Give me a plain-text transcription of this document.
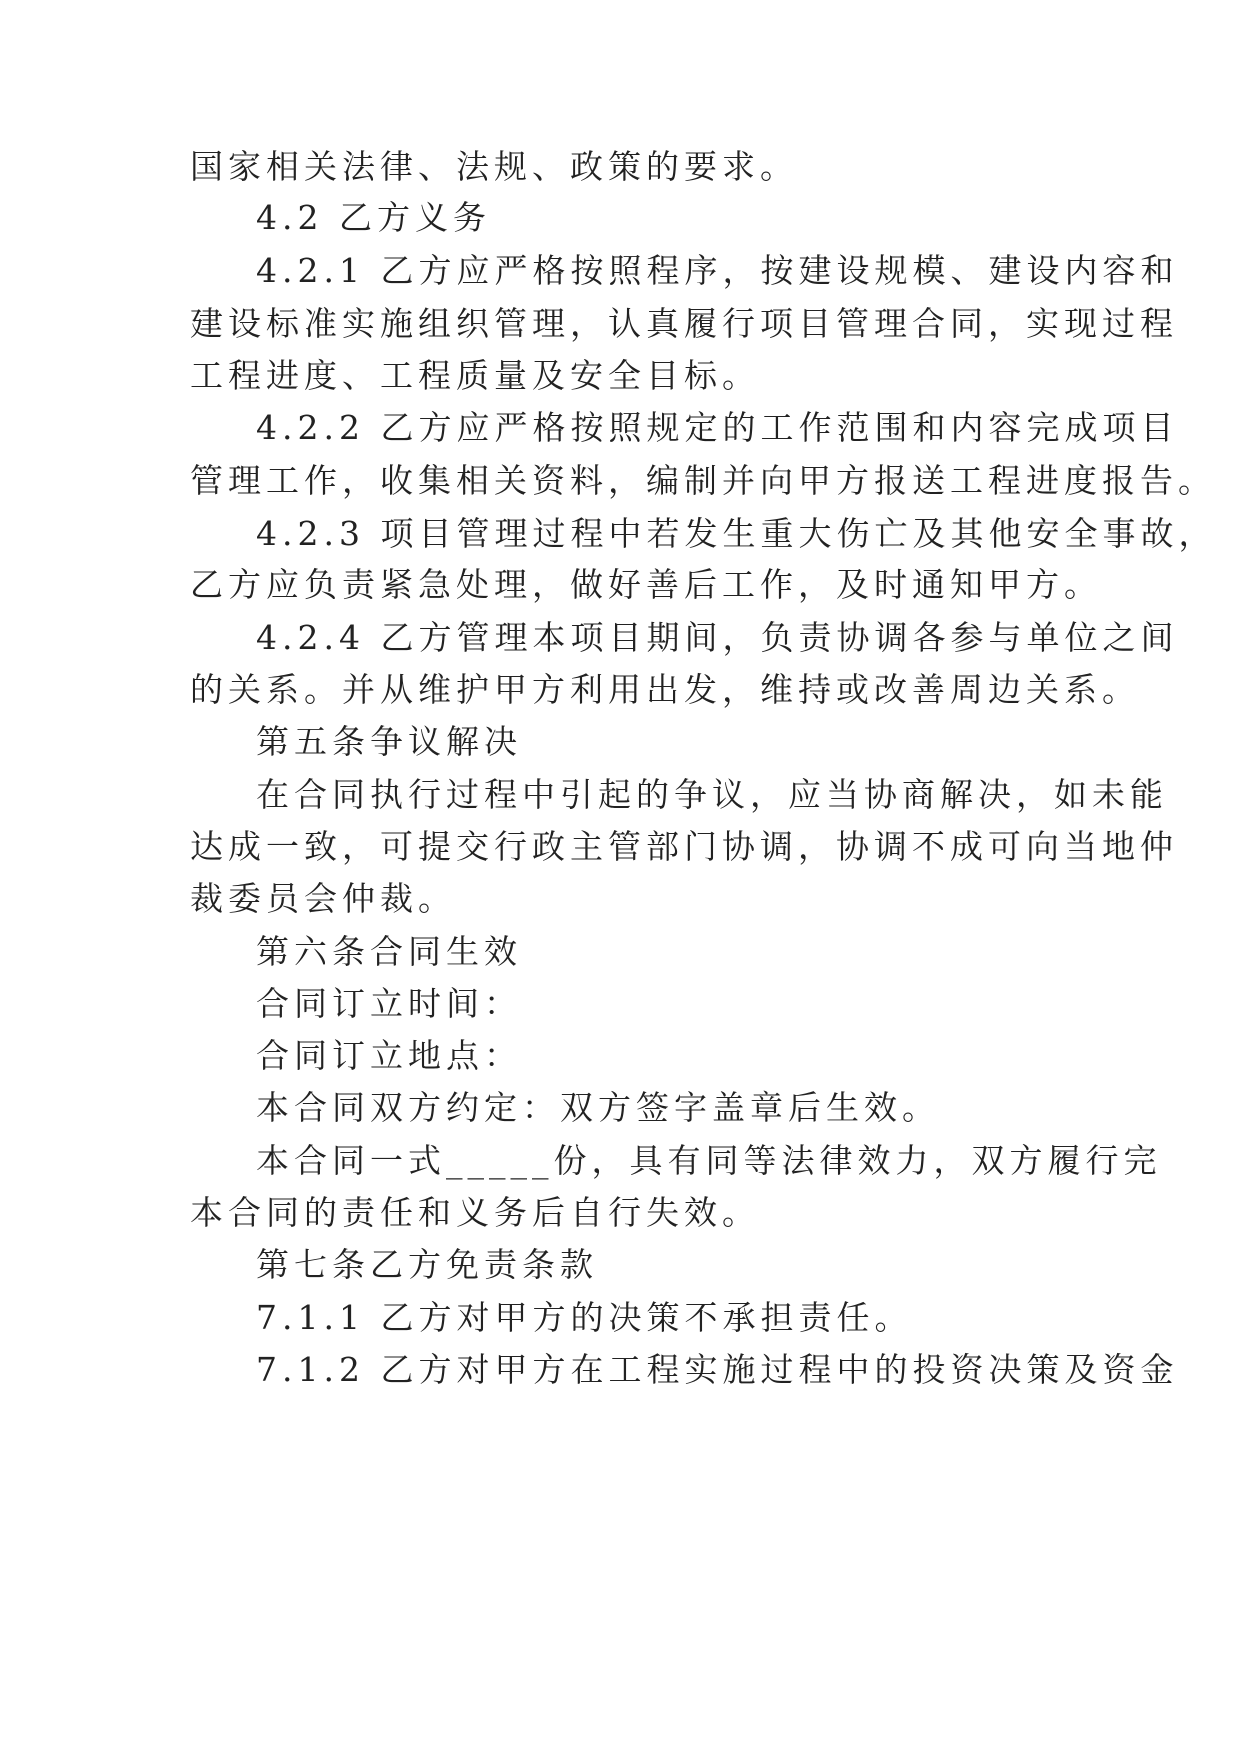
国家相关法律、法规、政策的要求。
4.2 乙方义务
4.2.1 乙方应严格按照程序，按建设规模、建设内容和
建设标准实施组织管理，认真履行项目管理合同，实现过程
工程进度、工程质量及安全目标。
4.2.2 乙方应严格按照规定的工作范围和内容完成项目
管理工作，收集相关资料，编制并向甲方报送工程进度报告。
4.2.3 项目管理过程中若发生重大伤亡及其他安全事故，
乙方应负责紧急处理，做好善后工作，及时通知甲方。
4.2.4 乙方管理本项目期间，负责协调各参与单位之间
的关系。并从维护甲方利用出发，维持或改善周边关系。
第五条争议解决
在合同执行过程中引起的争议，应当协商解决，如未能
达成一致，可提交行政主管部门协调，协调不成可向当地仲
裁委员会仲裁。
第六条合同生效
合同订立时间：
合同订立地点：
本合同双方约定：双方签字盖章后生效。
本合同一式_____份，具有同等法律效力，双方履行完
本合同的责任和义务后自行失效。
第七条乙方免责条款
7.1.1 乙方对甲方的决策不承担责任。
7.1.2 乙方对甲方在工程实施过程中的投资决策及资金
